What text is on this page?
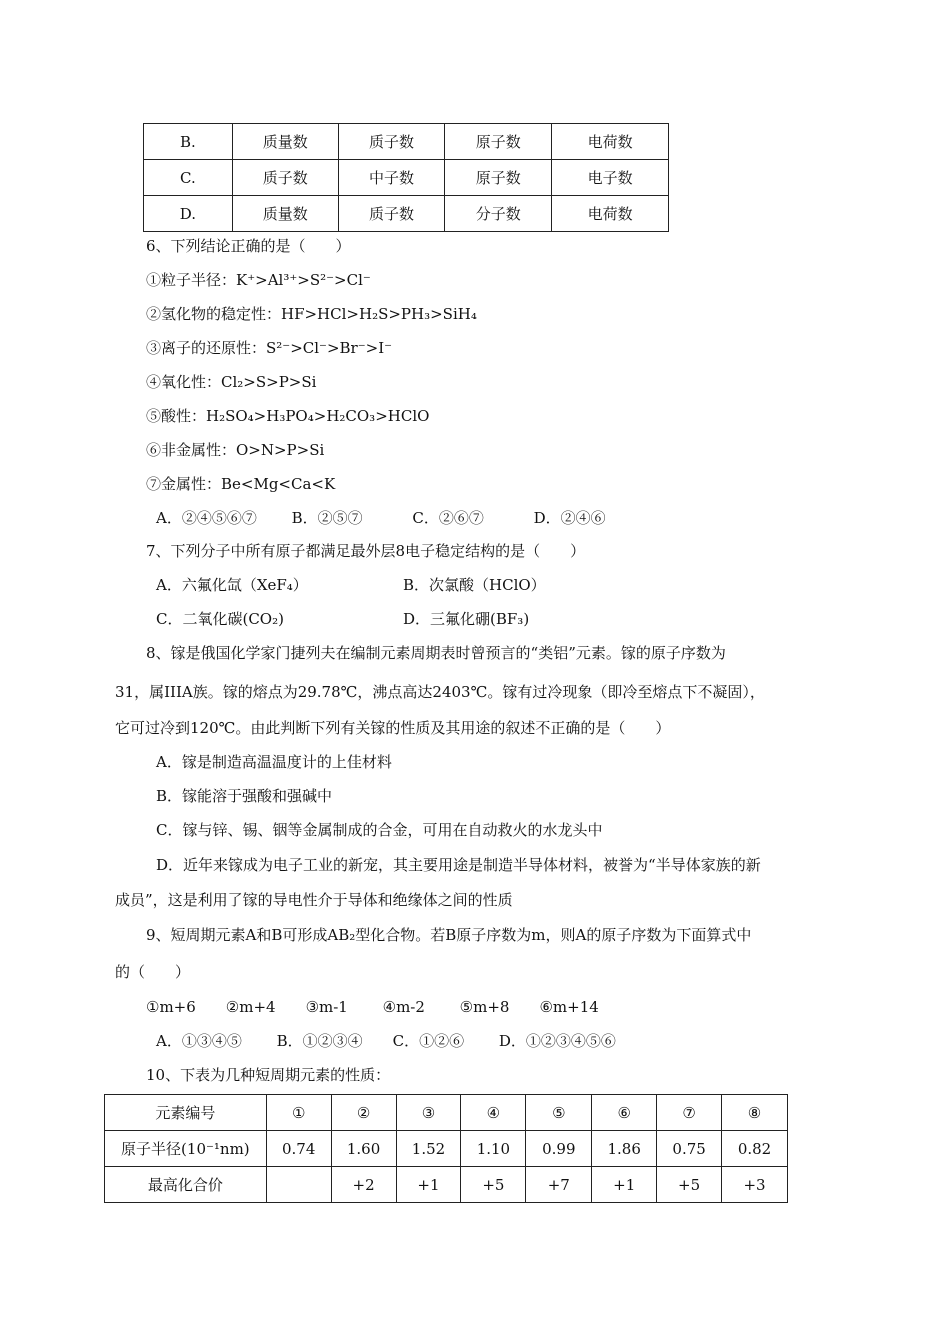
B.	质量数	质子数	原子数	电荷数
C.	质子数	中子数	原子数	电子数
D.	质量数	质子数	分子数	电荷数
6、下列结论正确的是（　　）
①粒子半径：K⁺>Al³⁺>S²⁻>Cl⁻
②氢化物的稳定性：HF>HCl>H₂S>PH₃>SiH₄
③离子的还原性：S²⁻>Cl⁻>Br⁻>I⁻
④氧化性：Cl₂>S>P>Si
⑤酸性：H₂SO₄>H₃PO₄>H₂CO₃>HClO
⑥非金属性：O>N>P>Si
⑦金属性：Be<Mg<Ca<K
A．②④⑤⑥⑦　　 B．②⑤⑦　　　 C．②⑥⑦　　　 D．②④⑥
7、下列分子中所有原子都满足最外层8电子稳定结构的是（　　）
A．六氟化氙（XeF₄）	B．次氯酸（HClO）
C．二氧化碳(CO₂)	D．三氟化硼(BF₃)
8、镓是俄国化学家门捷列夫在编制元素周期表时曾预言的“类铝”元素。镓的原子序数为
31，属IIIA族。镓的熔点为29.78℃，沸点高达2403℃。镓有过冷现象（即冷至熔点下不凝固），
它可过冷到120℃。由此判断下列有关镓的性质及其用途的叙述不正确的是（　　）
A．镓是制造高温温度计的上佳材料
B．镓能溶于强酸和强碱中
C．镓与锌、锡、铟等金属制成的合金，可用在自动救火的水龙头中
D．近年来镓成为电子工业的新宠，其主要用途是制造半导体材料，被誉为“半导体家族的新
成员”，这是利用了镓的导电性介于导体和绝缘体之间的性质
9、短周期元素A和B可形成AB₂型化合物。若B原子序数为m，则A的原子序数为下面算式中
的（　　）
①m+6　　②m+4　　③m-1　　 ④m-2　　 ⑤m+8　　⑥m+14
A．①③④⑤　　 B．①②③④　　C．①②⑥　　 D．①②③④⑤⑥
10、下表为几种短周期元素的性质：
元素编号	①	②	③	④	⑤	⑥	⑦	⑧
原子半径(10⁻¹nm)	0.74	1.60	1.52	1.10	0.99	1.86	0.75	0.82
最高化合价		+2	+1	+5	+7	+1	+5	+3
